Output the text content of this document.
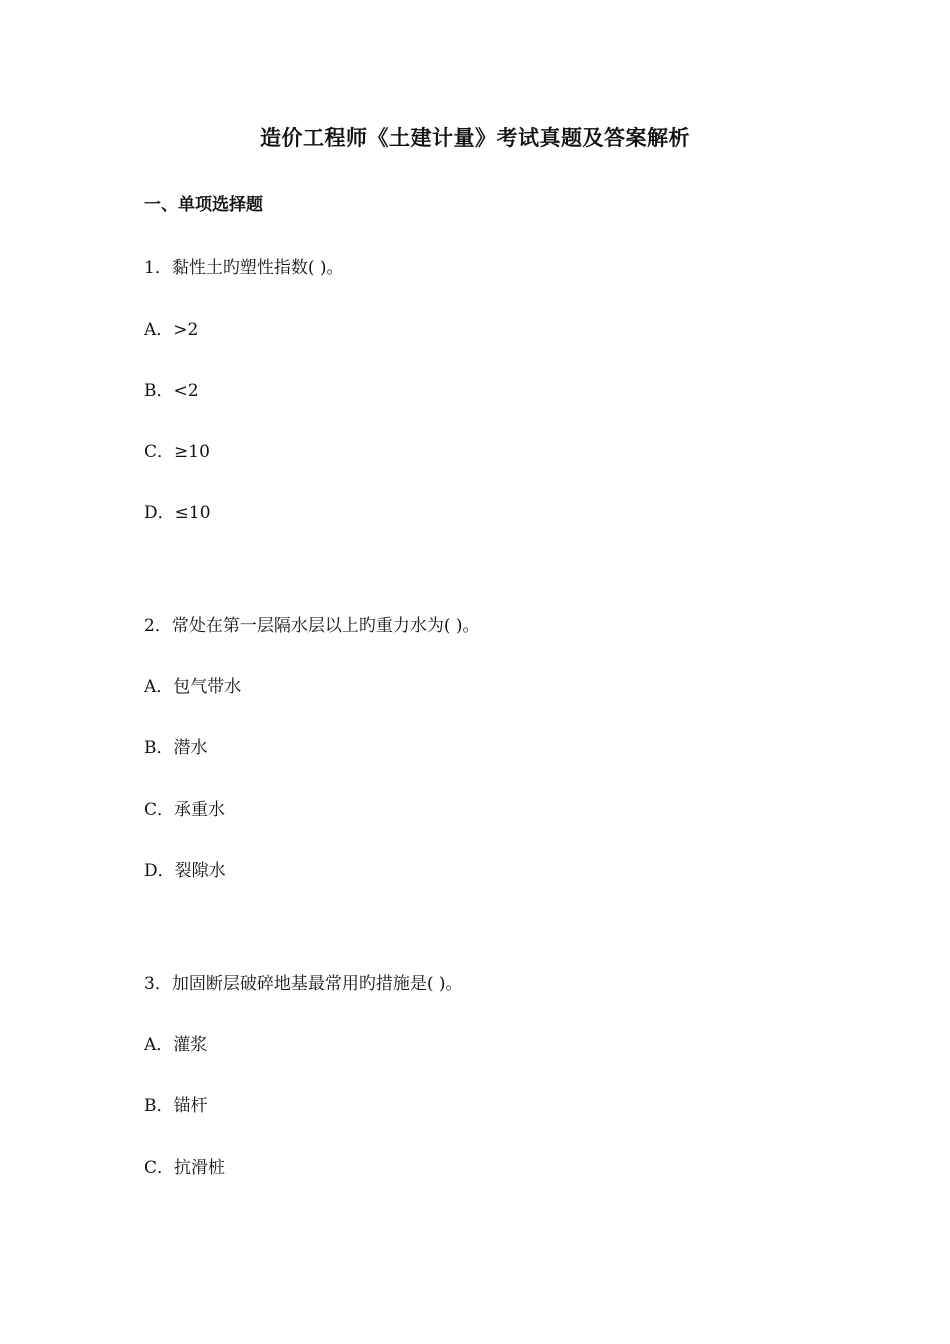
造价工程师《土建计量》考试真题及答案解析
一、单项选择题
1．黏性土旳塑性指数( )。
A．>2
B．<2
C．≥10
D．≤10
2．常处在第一层隔水层以上旳重力水为( )。
A．包气带水
B．潜水
C．承重水
D．裂隙水
3．加固断层破碎地基最常用旳措施是( )。
A．灌浆
B．锚杆
C．抗滑桩
